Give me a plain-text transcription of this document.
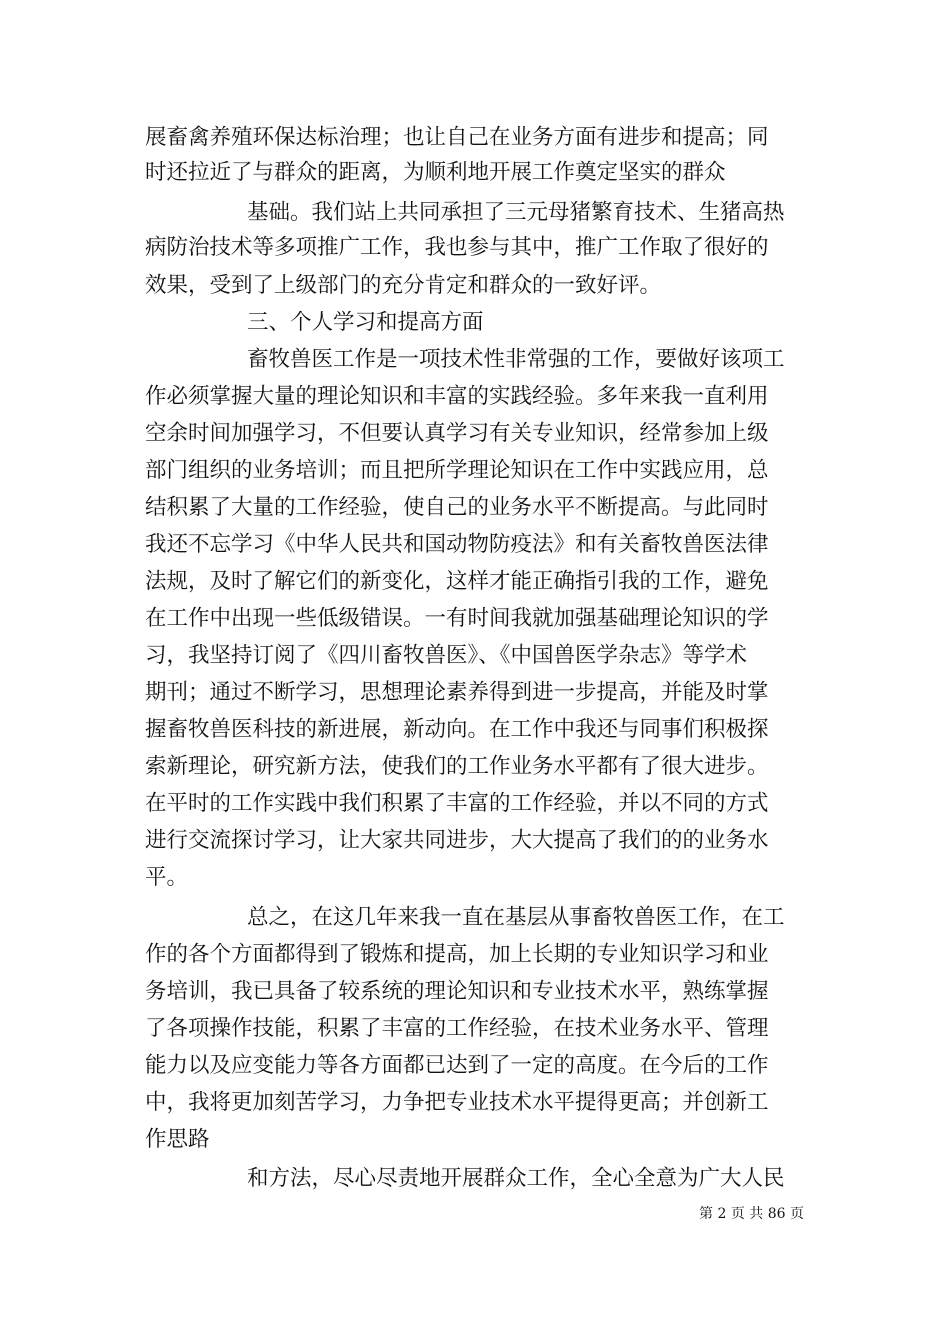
展畜禽养殖环保达标治理；也让自己在业务方面有进步和提高；同
时还拉近了与群众的距离，为顺利地开展工作奠定坚实的群众
基础。我们站上共同承担了三元母猪繁育技术、生猪高热
病防治技术等多项推广工作，我也参与其中，推广工作取了很好的
效果，受到了上级部门的充分肯定和群众的一致好评。
三、个人学习和提高方面
畜牧兽医工作是一项技术性非常强的工作，要做好该项工
作必须掌握大量的理论知识和丰富的实践经验。多年来我一直利用
空余时间加强学习，不但要认真学习有关专业知识，经常参加上级
部门组织的业务培训；而且把所学理论知识在工作中实践应用，总
结积累了大量的工作经验，使自己的业务水平不断提高。与此同时
我还不忘学习《中华人民共和国动物防疫法》和有关畜牧兽医法律
法规，及时了解它们的新变化，这样才能正确指引我的工作，避免
在工作中出现一些低级错误。一有时间我就加强基础理论知识的学
习，我坚持订阅了《四川畜牧兽医》、《中国兽医学杂志》等学术
期刊；通过不断学习，思想理论素养得到进一步提高，并能及时掌
握畜牧兽医科技的新进展，新动向。在工作中我还与同事们积极探
索新理论，研究新方法，使我们的工作业务水平都有了很大进步。
在平时的工作实践中我们积累了丰富的工作经验，并以不同的方式
进行交流探讨学习，让大家共同进步，大大提高了我们的的业务水
平。
总之，在这几年来我一直在基层从事畜牧兽医工作，在工
作的各个方面都得到了锻炼和提高，加上长期的专业知识学习和业
务培训，我已具备了较系统的理论知识和专业技术水平，熟练掌握
了各项操作技能，积累了丰富的工作经验，在技术业务水平、管理
能力以及应变能力等各方面都已达到了一定的高度。在今后的工作
中，我将更加刻苦学习，力争把专业技术水平提得更高；并创新工
作思路
和方法，尽心尽责地开展群众工作，全心全意为广大人民
第 2 页 共 86 页
